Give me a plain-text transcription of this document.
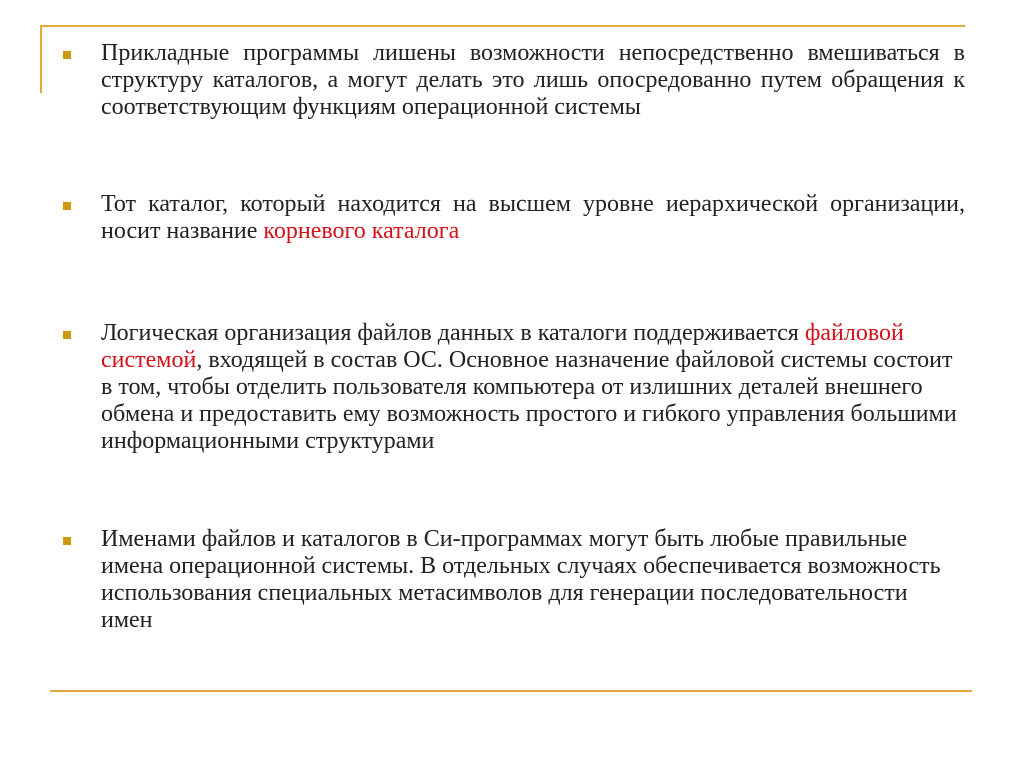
Прикладные программы лишены возможности непосредственно вмешиваться в структуру каталогов, а могут делать это лишь опосредованно путем обращения к соответствующим функциям операционной системы

Тот каталог, который находится на высшем уровне иерархической организации, носит название корневого каталога

Логическая организация файлов данных в каталоги поддерживается файловой системой, входящей в состав ОС. Основное назначение файловой системы состоит в том, чтобы отделить пользователя компьютера от излишних деталей внешнего обмена и предоставить ему возможность простого и гибкого управления большими информационными структурами

Именами файлов и каталогов в Си-программах могут быть любые правильные имена операционной системы. В отдельных случаях обеспечивается возможность использования специальных метасимволов для генерации последовательности имен
